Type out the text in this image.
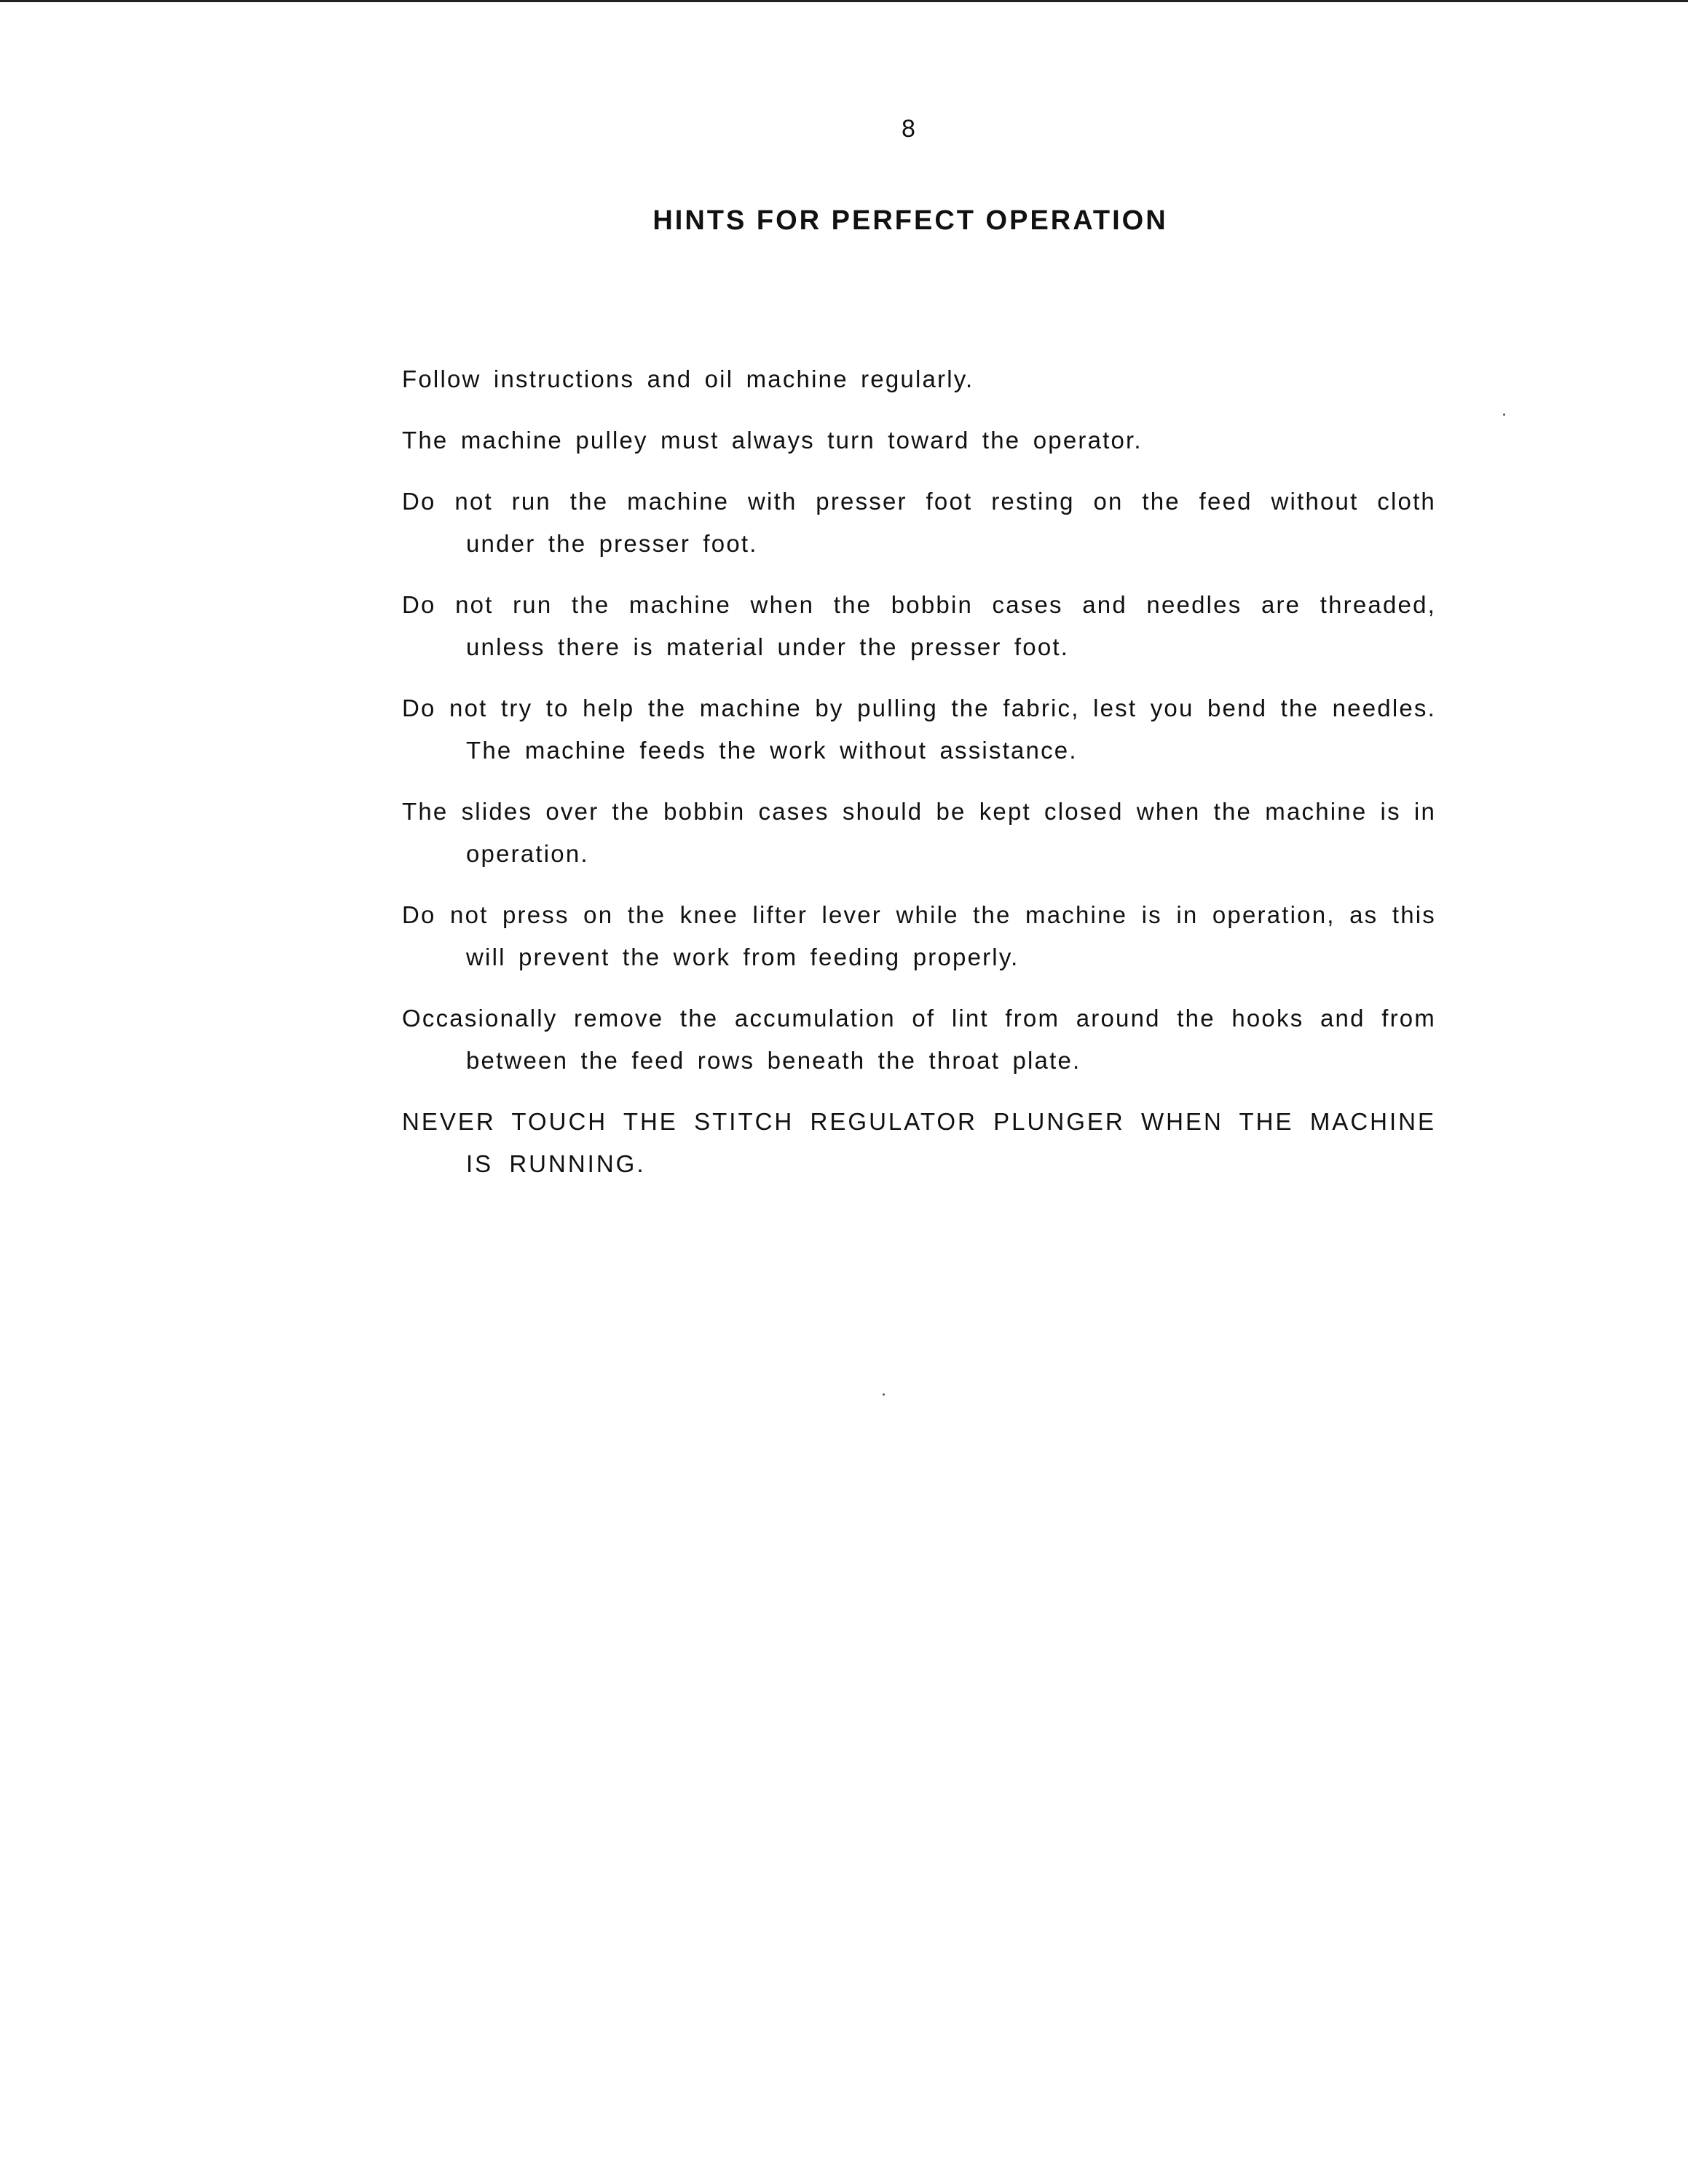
8
HINTS FOR PERFECT OPERATION
Follow instructions and oil machine regularly.
The machine pulley must always turn toward the operator.
Do not run the machine with presser foot resting on the feed without cloth under the presser foot.
Do not run the machine when the bobbin cases and needles are threaded, unless there is material under the presser foot.
Do not try to help the machine by pulling the fabric, lest you bend the needles. The machine feeds the work without assistance.
The slides over the bobbin cases should be kept closed when the machine is in operation.
Do not press on the knee lifter lever while the machine is in operation, as this will prevent the work from feeding properly.
Occasionally remove the accumulation of lint from around the hooks and from between the feed rows beneath the throat plate.
NEVER TOUCH THE STITCH REGULATOR PLUNGER WHEN THE MACHINE IS RUNNING.
